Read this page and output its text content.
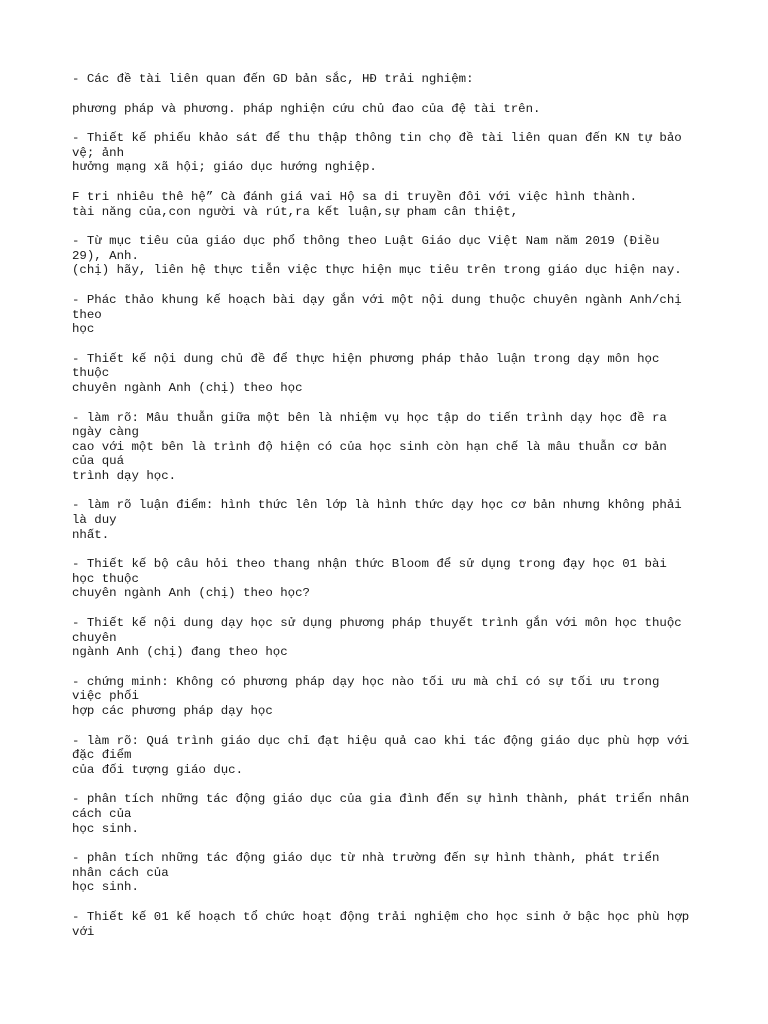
- Các đề tài liên quan đến GD bản sắc, HĐ trải nghiệm:
phương pháp và phương. pháp nghiện cứu chủ đao của đệ tài trên.
- Thiết kế phiếu khảo sát để thu thập thông tin chọ đề tài liên quan đến KN tự bảo
vệ; ảnh
hưởng mạng xã hội; giáo dục hướng nghiệp.
F tri nhiêu thê hệ” Cà đánh giá vai Hộ sa di truyền đôi với việc hình thành.
tài năng của,con người và rút,ra kết luận,sự pham cân thiệt,
- Từ mục tiêu của giáo dục phổ thông theo Luật Giáo dục Việt Nam năm 2019 (Điều
29), Anh.
(chị) hãy, liên hệ thực tiễn việc thực hiện mục tiêu trên trong giáo dục hiện nay.
- Phác thảo khung kế hoạch bài dạy gắn với một nội dung thuộc chuyên ngành Anh/chị
theo
học
- Thiết kế nội dung chủ đề để thực hiện phương pháp thảo luận trong dạy môn học
thuộc
chuyên ngành Anh (chị) theo học
- làm rõ: Mâu thuẫn giữa một bên là nhiệm vụ học tập do tiến trình dạy học đề ra
ngày càng
cao với một bên là trình độ hiện có của học sinh còn hạn chế là mâu thuẫn cơ bản
của quá
trình dạy học.
- làm rõ luận điểm: hình thức lên lớp là hình thức dạy học cơ bản nhưng không phải
là duy
nhất.
- Thiết kế bộ câu hỏi theo thang nhận thức Bloom để sử dụng trong đạy học 01 bài
học thuộc
chuyên ngành Anh (chị) theo học?
- Thiết kế nội dung dạy học sử dụng phương pháp thuyết trình gắn với môn học thuộc
chuyên
ngành Anh (chị) đang theo học
- chứng minh: Không có phương pháp dạy học nào tối ưu mà chỉ có sự tối ưu trong
việc phối
hợp các phương pháp dạy học
- làm rõ: Quá trình giáo dục chỉ đạt hiệu quả cao khi tác động giáo dục phù hợp với
đặc điểm
của đối tượng giáo dục.
- phân tích những tác động giáo dục của gia đình đến sự hình thành, phát triển nhân
cách của
học sinh.
- phân tích những tác động giáo dục từ nhà trường đến sự hình thành, phát triển
nhân cách của
học sinh.
- Thiết kế 01 kế hoạch tổ chức hoạt động trải nghiệm cho học sinh ở bậc học phù hợp
với
